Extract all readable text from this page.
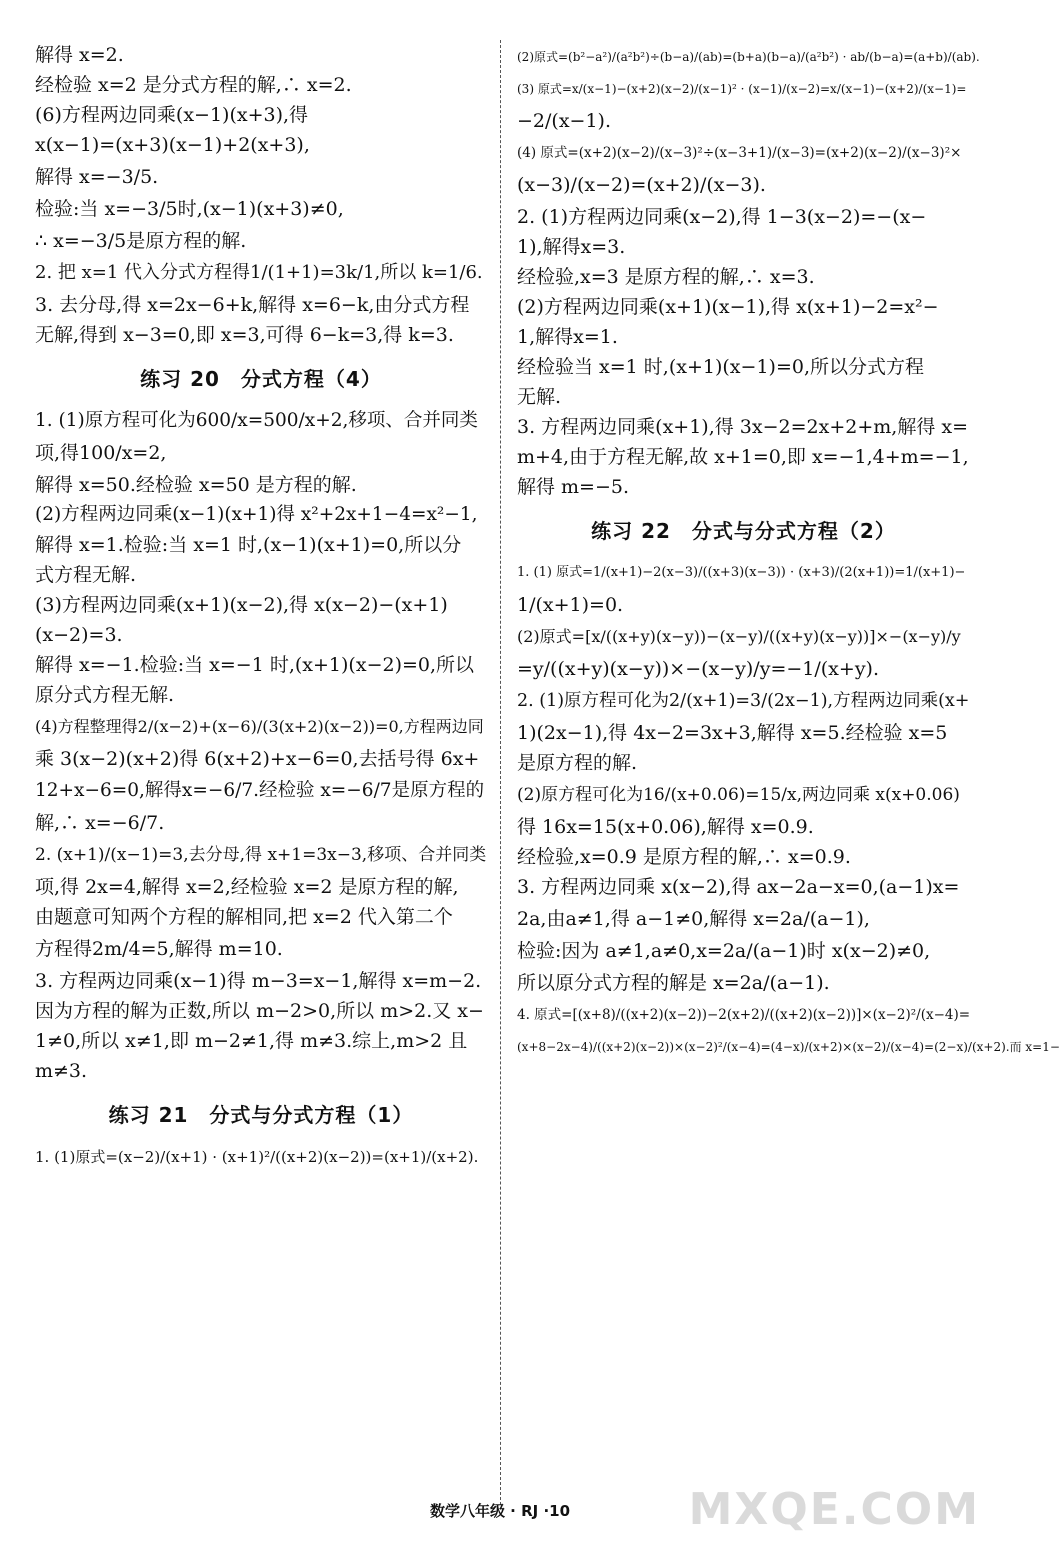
解得 x=2.
经检验 x=2 是分式方程的解,∴ x=2.
(6)方程两边同乘(x−1)(x+3),得
x(x−1)=(x+3)(x−1)+2(x+3),
解得 x=−3/5.
检验:当 x=−3/5时,(x−1)(x+3)≠0,
∴ x=−3/5是原方程的解.
2. 把 x=1 代入分式方程得1/(1+1)=3k/1,所以 k=1/6.
3. 去分母,得 x=2x−6+k,解得 x=6−k,由分式方程
无解,得到 x−3=0,即 x=3,可得 6−k=3,得 k=3.
练习 20　分式方程（4）
1. (1)原方程可化为600/x=500/x+2,移项、合并同类
项,得100/x=2,
解得 x=50.经检验 x=50 是方程的解.
(2)方程两边同乘(x−1)(x+1)得 x²+2x+1−4=x²−1,
解得 x=1.检验:当 x=1 时,(x−1)(x+1)=0,所以分
式方程无解.
(3)方程两边同乘(x+1)(x−2),得 x(x−2)−(x+1)
(x−2)=3.
解得 x=−1.检验:当 x=−1 时,(x+1)(x−2)=0,所以
原分式方程无解.
(4)方程整理得2/(x−2)+(x−6)/(3(x+2)(x−2))=0,方程两边同
乘 3(x−2)(x+2)得 6(x+2)+x−6=0,去括号得 6x+
12+x−6=0,解得x=−6/7.经检验 x=−6/7是原方程的
解,∴ x=−6/7.
2. (x+1)/(x−1)=3,去分母,得 x+1=3x−3,移项、合并同类
项,得 2x=4,解得 x=2,经检验 x=2 是原方程的解,
由题意可知两个方程的解相同,把 x=2 代入第二个
方程得2m/4=5,解得 m=10.
3. 方程两边同乘(x−1)得 m−3=x−1,解得 x=m−2.
因为方程的解为正数,所以 m−2>0,所以 m>2.又 x−
1≠0,所以 x≠1,即 m−2≠1,得 m≠3.综上,m>2 且
m≠3.
练习 21　分式与分式方程（1）
1. (1)原式=(x−2)/(x+1) · (x+1)²/((x+2)(x−2))=(x+1)/(x+2).
(2)原式=(b²−a²)/(a²b²)÷(b−a)/(ab)=(b+a)(b−a)/(a²b²) · ab/(b−a)=(a+b)/(ab).
(3) 原式=x/(x−1)−(x+2)(x−2)/(x−1)² · (x−1)/(x−2)=x/(x−1)−(x+2)/(x−1)=
−2/(x−1).
(4) 原式=(x+2)(x−2)/(x−3)²÷(x−3+1)/(x−3)=(x+2)(x−2)/(x−3)²×
(x−3)/(x−2)=(x+2)/(x−3).
2. (1)方程两边同乘(x−2),得 1−3(x−2)=−(x−
1),解得x=3.
经检验,x=3 是原方程的解,∴ x=3.
(2)方程两边同乘(x+1)(x−1),得 x(x+1)−2=x²−
1,解得x=1.
经检验当 x=1 时,(x+1)(x−1)=0,所以分式方程
无解.
3. 方程两边同乘(x+1),得 3x−2=2x+2+m,解得 x=
m+4,由于方程无解,故 x+1=0,即 x=−1,4+m=−1,
解得 m=−5.
练习 22　分式与分式方程（2）
1. (1) 原式=1/(x+1)−2(x−3)/((x+3)(x−3)) · (x+3)/(2(x+1))=1/(x+1)−
1/(x+1)=0.
(2)原式=[x/((x+y)(x−y))−(x−y)/((x+y)(x−y))]×−(x−y)/y
=y/((x+y)(x−y))×−(x−y)/y=−1/(x+y).
2. (1)原方程可化为2/(x+1)=3/(2x−1),方程两边同乘(x+
1)(2x−1),得 4x−2=3x+3,解得 x=5.经检验 x=5
是原方程的解.
(2)原方程可化为16/(x+0.06)=15/x,两边同乘 x(x+0.06)
得 16x=15(x+0.06),解得 x=0.9.
经检验,x=0.9 是原方程的解,∴ x=0.9.
3. 方程两边同乘 x(x−2),得 ax−2a−x=0,(a−1)x=
2a,由a≠1,得 a−1≠0,解得 x=2a/(a−1),
检验:因为 a≠1,a≠0,x=2a/(a−1)时 x(x−2)≠0,
所以原分式方程的解是 x=2a/(a−1).
4. 原式=[(x+8)/((x+2)(x−2))−2(x+2)/((x+2)(x−2))]×(x−2)²/(x−4)=
(x+8−2x−4)/((x+2)(x−2))×(x−2)²/(x−4)=(4−x)/(x+2)×(x−2)/(x−4)=(2−x)/(x+2).而 x=1−
数学八年级 · RJ ·10	MXQE.COM
